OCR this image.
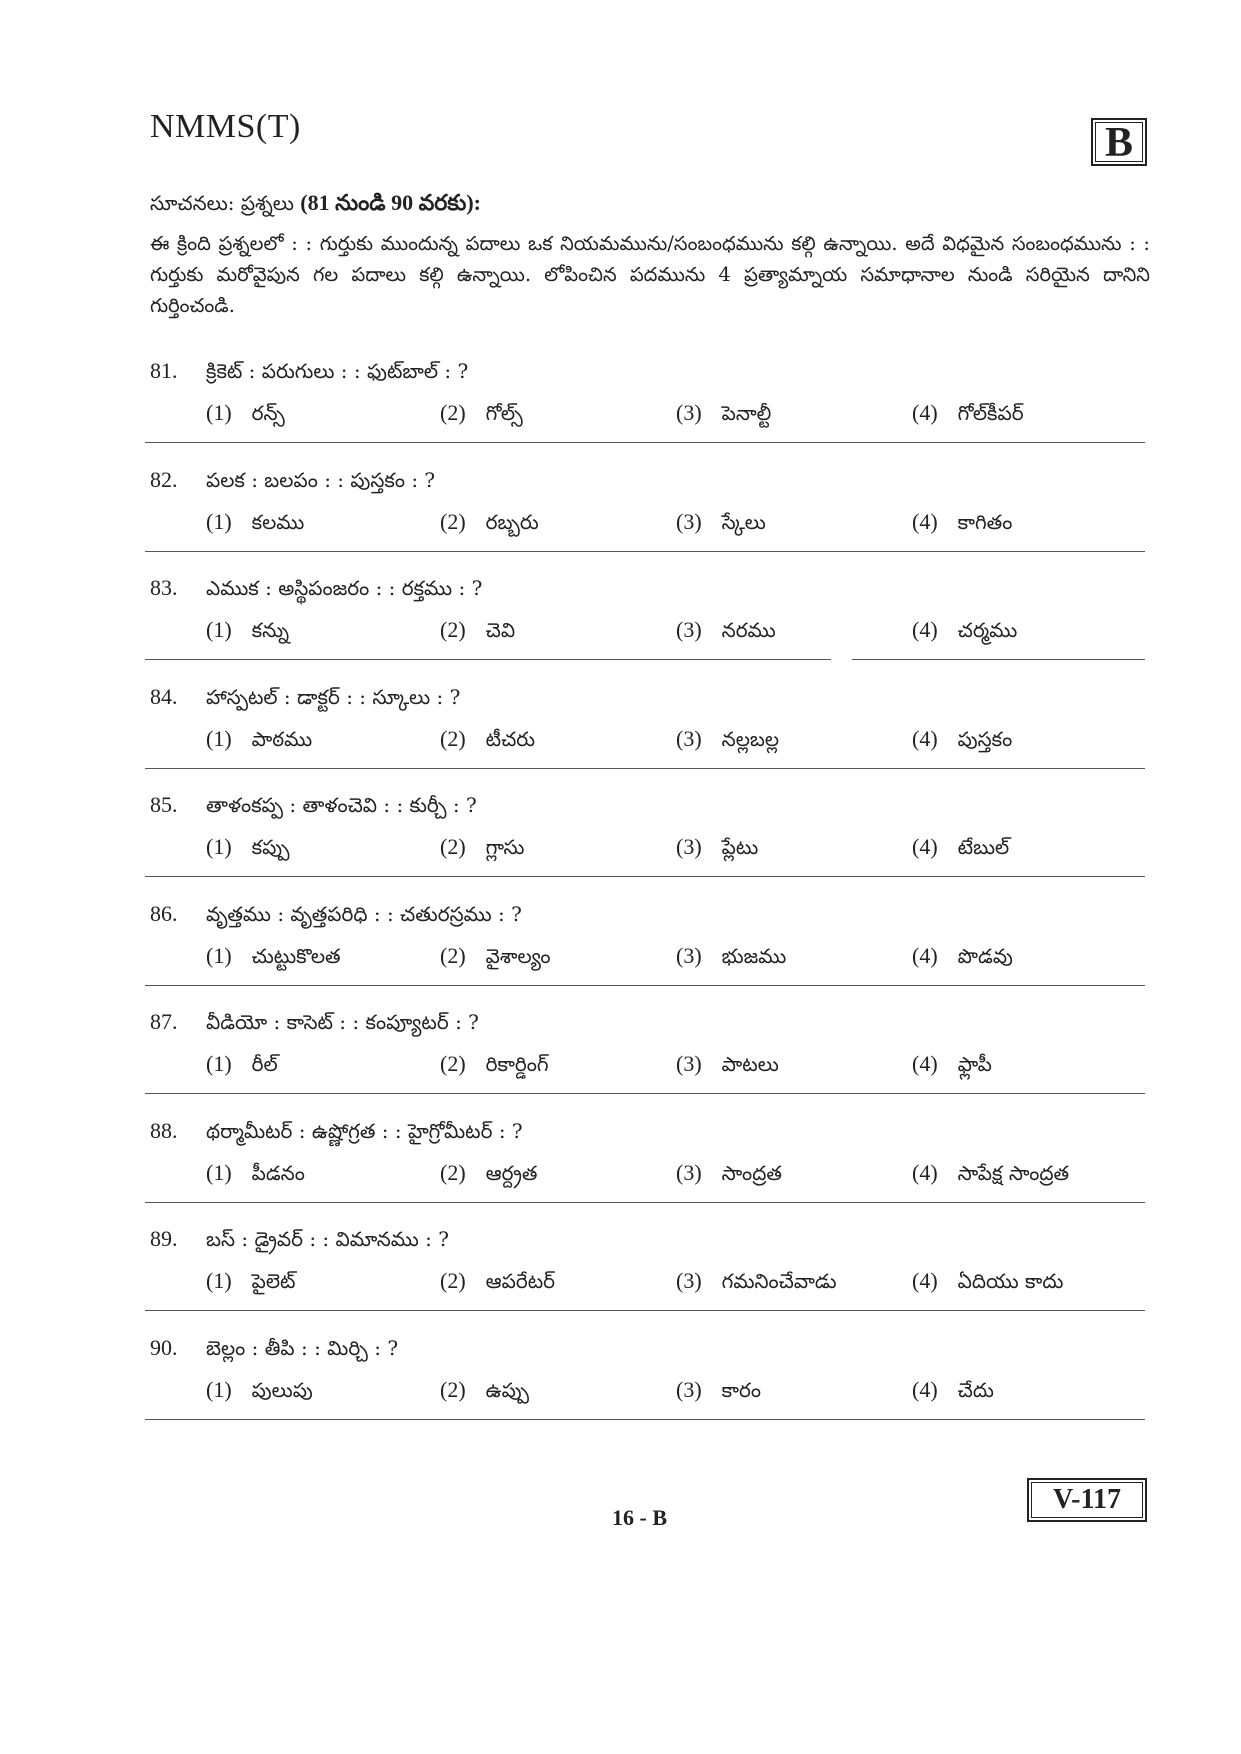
NMMS(T)	B
సూచనలు: ప్రశ్నలు (81 నుండి 90 వరకు):
ఈ క్రింది ప్రశ్నలలో : : గుర్తుకు ముందున్న పదాలు ఒక నియమమును/సంబంధమును కల్గి ఉన్నాయి. అదే విధమైన సంబంధమును : : గుర్తుకు మరోవైపున గల పదాలు కల్గి ఉన్నాయి. లోపించిన పదమును 4 ప్రత్యామ్నాయ సమాధానాల నుండి సరియైన దానిని గుర్తించండి.
81. క్రికెట్ : పరుగులు : : ఫుట్‌బాల్ : ?
(1) రన్స్	(2) గోల్స్	(3) పెనాల్టీ	(4) గోల్‌కీపర్
82. పలక : బలపం : : పుస్తకం : ?
(1) కలము	(2) రబ్బరు	(3) స్కేలు	(4) కాగితం
83. ఎముక : అస్థిపంజరం : : రక్తము : ?
(1) కన్ను	(2) చెవి	(3) నరము	(4) చర్మము
84. హాస్పటల్ : డాక్టర్ : : స్కూలు : ?
(1) పాఠము	(2) టీచరు	(3) నల్లబల్ల	(4) పుస్తకం
85. తాళంకప్ప : తాళంచెవి : : కుర్చీ : ?
(1) కప్పు	(2) గ్లాసు	(3) ప్లేటు	(4) టేబుల్
86. వృత్తము : వృత్తపరిధి : : చతురస్రము : ?
(1) చుట్టుకొలత	(2) వైశాల్యం	(3) భుజము	(4) పొడవు
87. వీడియో : కాసెట్ : : కంప్యూటర్ : ?
(1) రీల్	(2) రికార్డింగ్	(3) పాటలు	(4) ఫ్లాపీ
88. థర్మామీటర్ : ఉష్ణోగ్రత : : హైగ్రోమీటర్ : ?
(1) పీడనం	(2) ఆర్ద్రత	(3) సాంద్రత	(4) సాపేక్ష సాంద్రత
89. బస్ : డ్రైవర్ : : విమానము : ?
(1) పైలెట్	(2) ఆపరేటర్	(3) గమనించేవాడు	(4) ఏదియు కాదు
90. బెల్లం : తీపి : : మిర్చి : ?
(1) పులుపు	(2) ఉప్పు	(3) కారం	(4) చేదు
16 - B
V-117
